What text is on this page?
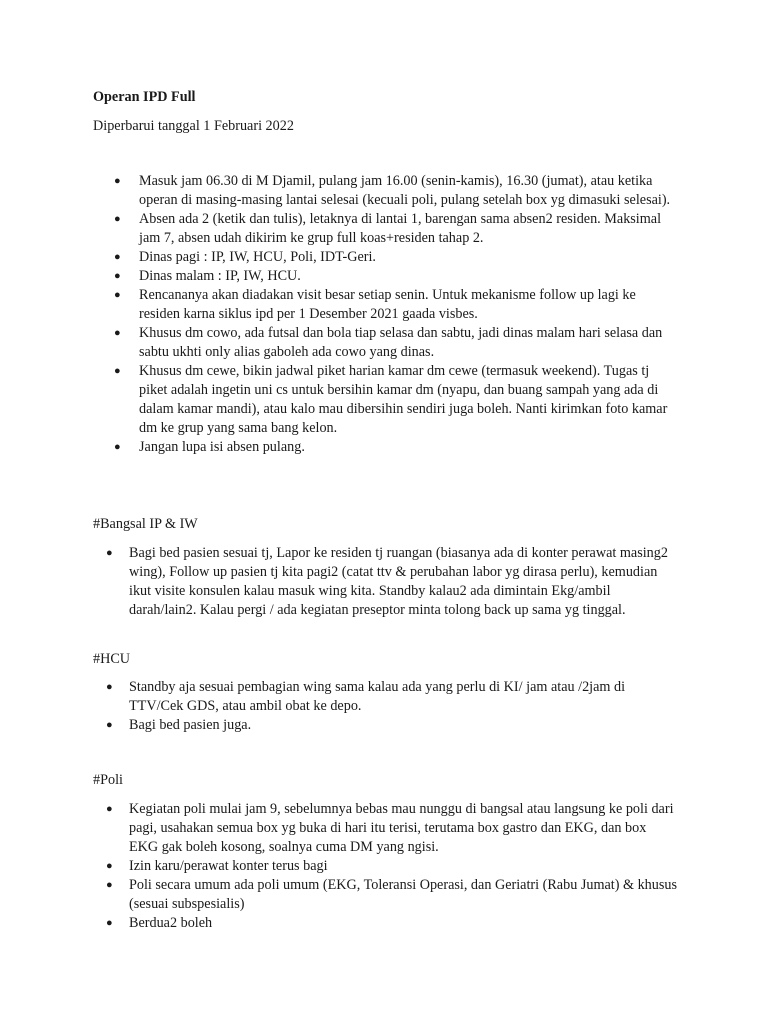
Operan IPD Full
Diperbarui tanggal 1 Februari 2022
● Masuk jam 06.30 di M Djamil, pulang jam 16.00 (senin-kamis), 16.30 (jumat), atau ketika operan di masing-masing lantai selesai (kecuali poli, pulang setelah box yg dimasuki selesai).
● Absen ada 2 (ketik dan tulis), letaknya di lantai 1, barengan sama absen2 residen. Maksimal jam 7, absen udah dikirim ke grup full koas+residen tahap 2.
● Dinas pagi : IP, IW, HCU, Poli, IDT-Geri.
● Dinas malam : IP, IW, HCU.
● Rencananya akan diadakan visit besar setiap senin. Untuk mekanisme follow up lagi ke residen karna siklus ipd per 1 Desember 2021 gaada visbes.
● Khusus dm cowo, ada futsal dan bola tiap selasa dan sabtu, jadi dinas malam hari selasa dan sabtu ukhti only alias gaboleh ada cowo yang dinas.
● Khusus dm cewe, bikin jadwal piket harian kamar dm cewe (termasuk weekend). Tugas tj piket adalah ingetin uni cs untuk bersihin kamar dm (nyapu, dan buang sampah yang ada di dalam kamar mandi), atau kalo mau dibersihin sendiri juga boleh. Nanti kirimkan foto kamar dm ke grup yang sama bang kelon.
● Jangan lupa isi absen pulang.
#Bangsal IP & IW
● Bagi bed pasien sesuai tj, Lapor ke residen tj ruangan (biasanya ada di konter perawat masing2 wing), Follow up pasien tj kita pagi2 (catat ttv & perubahan labor yg dirasa perlu), kemudian ikut visite konsulen kalau masuk wing kita. Standby kalau2 ada dimintain Ekg/ambil darah/lain2. Kalau pergi / ada kegiatan preseptor minta tolong back up sama yg tinggal.
#HCU
● Standby aja sesuai pembagian wing sama kalau ada yang perlu di KI/ jam atau /2jam di TTV/Cek GDS, atau ambil obat ke depo.
● Bagi bed pasien juga.
#Poli
● Kegiatan poli mulai jam 9, sebelumnya bebas mau nunggu di bangsal atau langsung ke poli dari pagi, usahakan semua box yg buka di hari itu terisi, terutama box gastro dan EKG, dan box EKG gak boleh kosong, soalnya cuma DM yang ngisi.
● Izin karu/perawat konter terus bagi
● Poli secara umum ada poli umum (EKG, Toleransi Operasi, dan Geriatri (Rabu Jumat) & khusus (sesuai subspesialis)
● Berdua2 boleh
